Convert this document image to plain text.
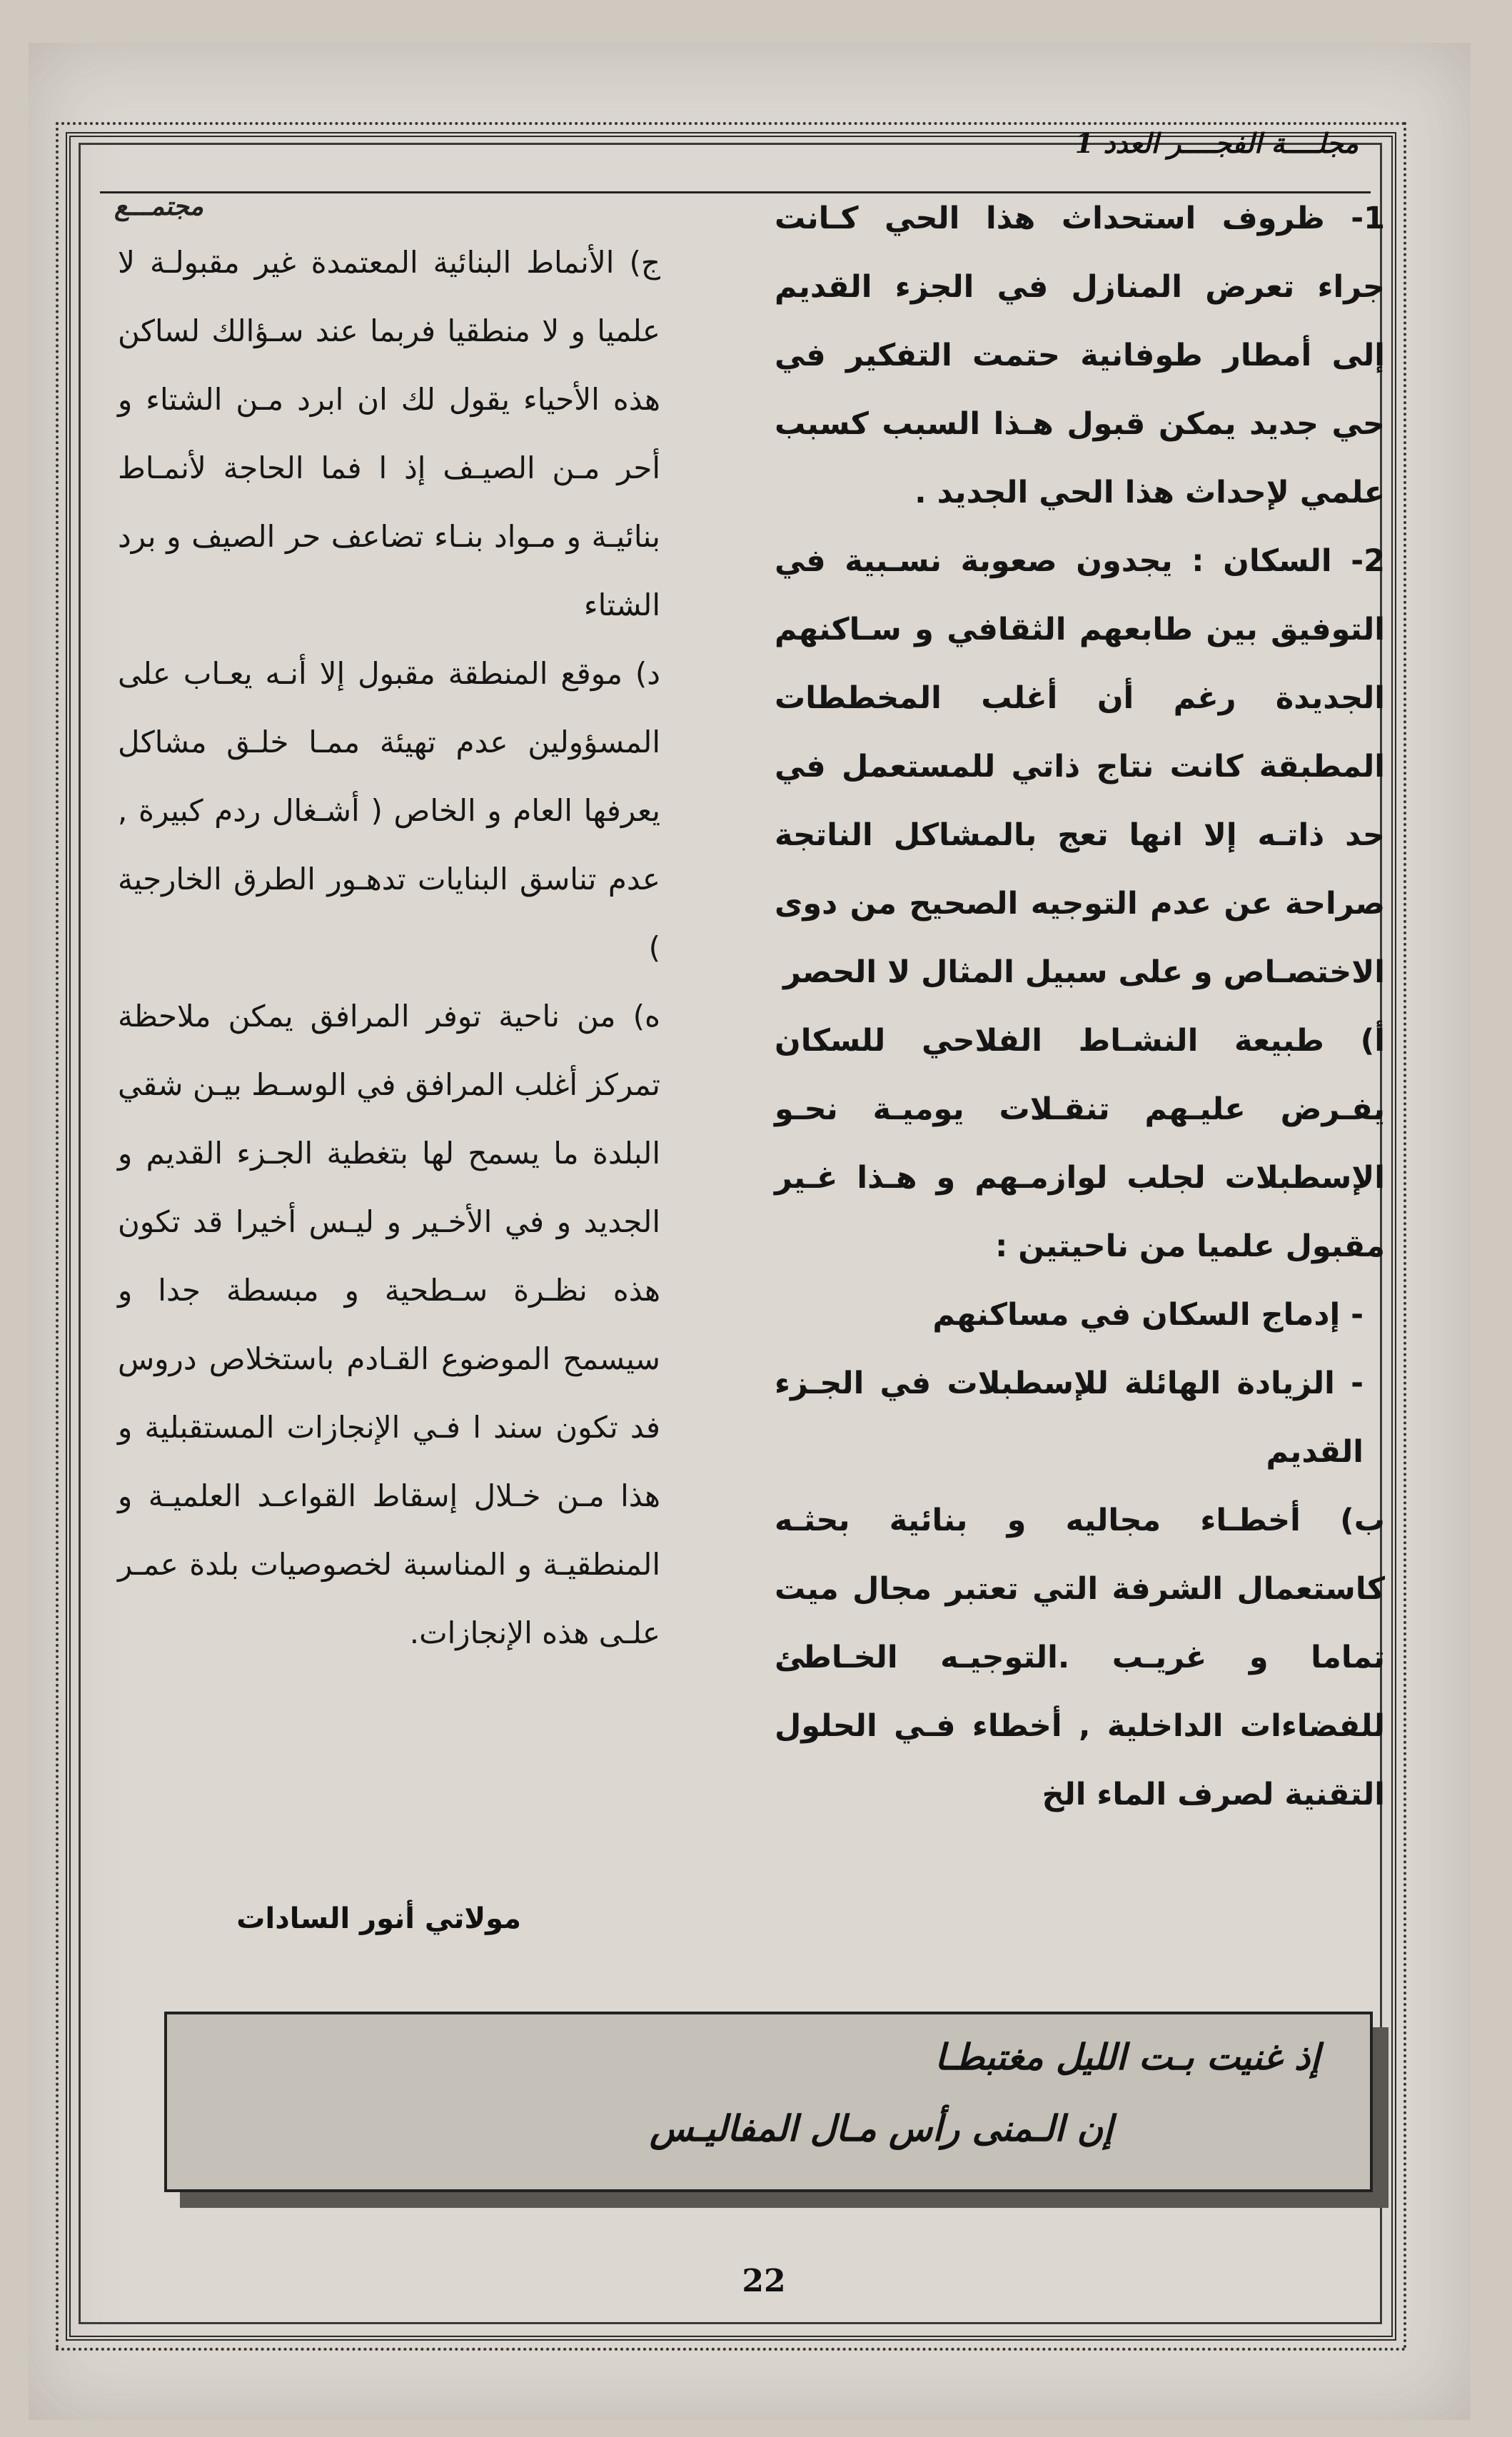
مجلــــة الفجــــر العدد 1
مجتمـــع	1- ظروف استحداث هذا الحي كـانت جراء تعرض المنازل في الجزء القديم إلى أمطار طوفانية حتمت التفكير في حي جديد يمكن قبول هـذا السبب كسبب علمي لإحداث هذا الحي الجديد .

2- السكان : يجدون صعوبة نسـبية في التوفيق بين طابعهم الثقافي و سـاكنهم الجديدة رغم أن أغلب المخططات المطبقة كانت نتاج ذاتي للمستعمل في حد ذاتـه إلا انها تعج بالمشاكل الناتجة صراحة عن عدم التوجيه الصحيح من دوى الاختصـاص و على سبيل المثال لا الحصر

أ) طبيعة النشـاط الفلاحي للسكان يفـرض عليـهم تنقـلات يوميـة نحـو الإسطبلات لجلب لوازمـهم و هـذا غـير مقبول علميا من ناحيتين :

- إدماج السكان في مساكنهم

- الزيادة الهائلة للإسطبلات في الجـزء القديم

ب) أخطـاء مجاليه و بنائية بحثـه كاستعمال الشرفة التي تعتبر مجال ميت تماما و غريـب .التوجيـه الخـاطئ للفضاءات الداخلية , أخطاء فـي الحلول التقنية لصرف الماء الخ

ج) الأنماط البنائية المعتمدة غير مقبولـة لا علميا و لا منطقيا فربما عند سـؤالك لساكن هذه الأحياء يقول لك ان ابرد مـن الشتاء و أحر مـن الصيـف إذ ا فما الحاجة لأنمـاط بنائيـة و مـواد بنـاء تضاعف حر الصيف و برد الشتاء

د) موقع المنطقة مقبول إلا أنـه يعـاب على المسؤولين عدم تهيئة ممـا خلـق مشاكل يعرفها العام و الخاص ( أشـغال ردم كبيرة , عدم تناسق البنايات تدهـور الطرق الخارجية )

ه) من ناحية توفر المرافق يمكن ملاحظة تمركز أغلب المرافق في الوسـط بيـن شقي البلدة ما يسمح لها بتغطية الجـزء القديم و الجديد و في الأخـير و ليـس أخيرا قد تكون هذه نظـرة سـطحية و مبسطة جدا و سيسمح الموضوع القـادم باستخلاص دروس فد تكون سند ا فـي الإنجازات المستقبلية و هذا مـن خـلال إسقاط القواعـد العلميـة و المنطقيـة و المناسبة لخصوصيات بلدة عمـر علـى هذه الإنجازات.

مولاتي أنور السادات
إذ غنيت بـت الليل مغتبطـا
إن الـمنى رأس مـال المفاليـس
22
